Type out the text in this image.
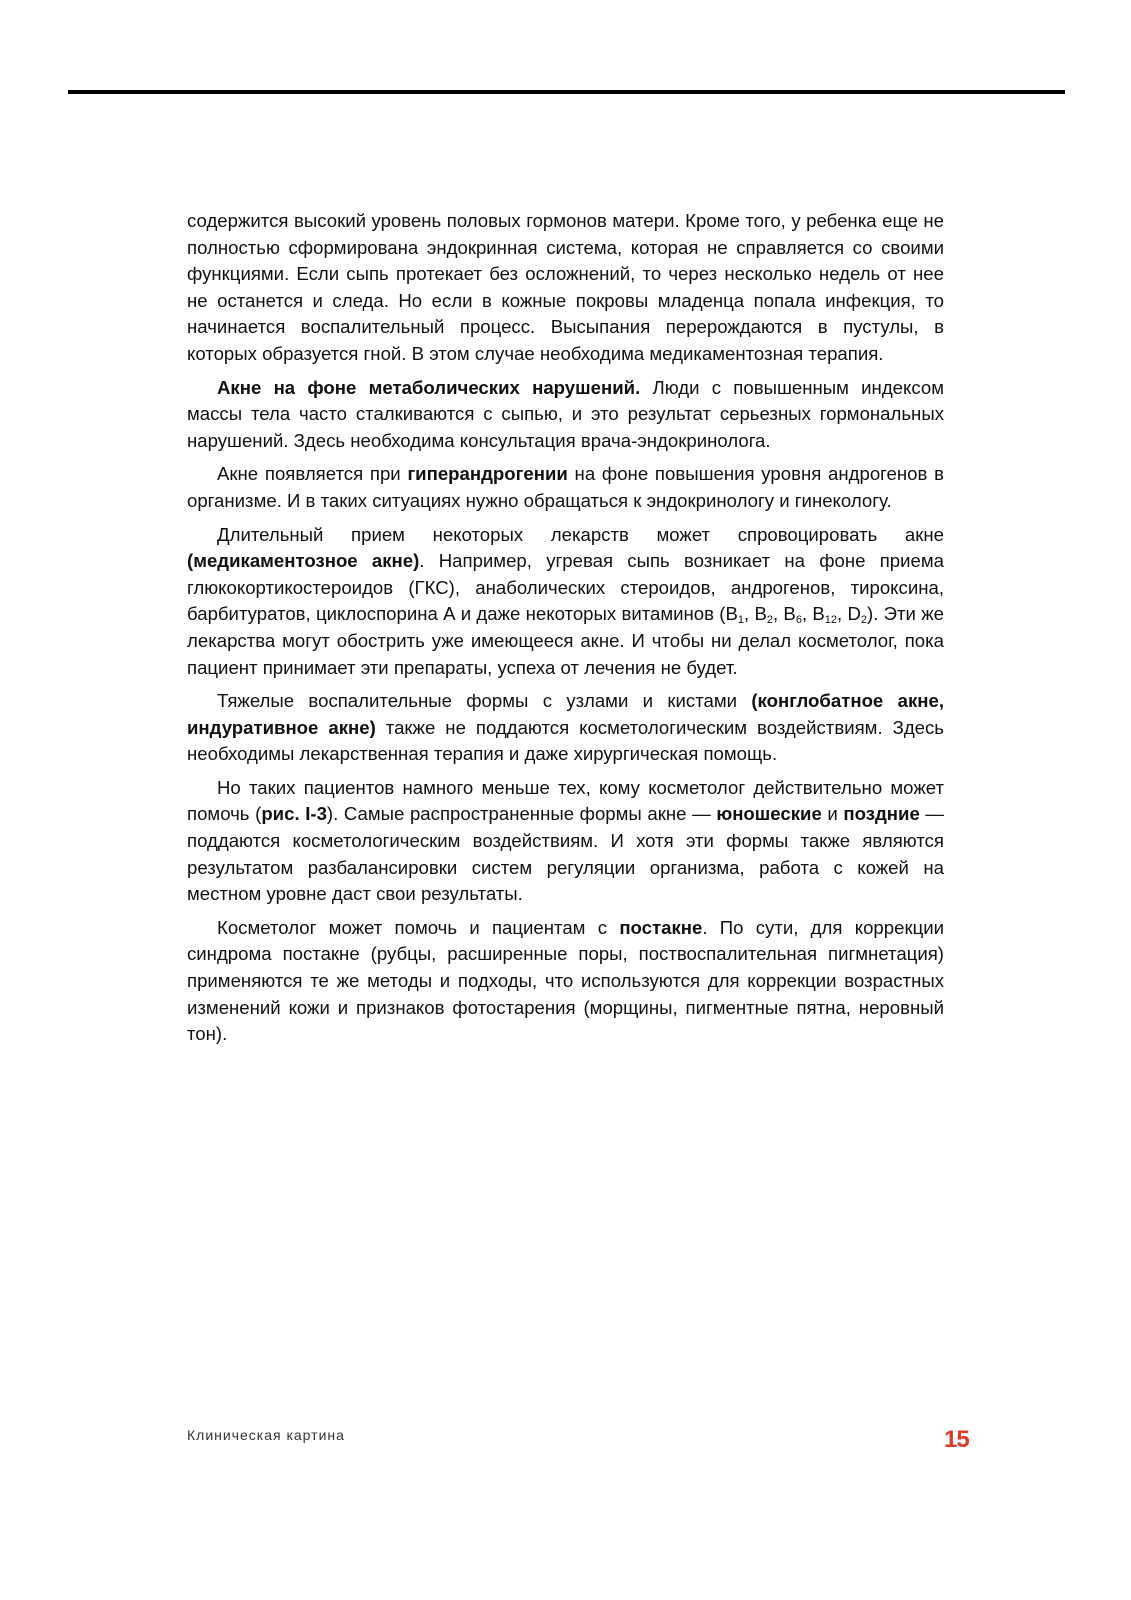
содержится высокий уровень половых гормонов матери. Кроме того, у ребенка еще не полностью сформирована эндокринная система, которая не справляется со своими функциями. Если сыпь протекает без осложнений, то через несколько недель от нее не останется и следа. Но если в кожные покровы младенца попала инфекция, то начинается воспалительный процесс. Высыпания перерождаются в пустулы, в которых образуется гной. В этом случае необходима медикаментозная терапия.

Акне на фоне метаболических нарушений. Люди с повышенным индексом массы тела часто сталкиваются с сыпью, и это результат серьезных гормональных нарушений. Здесь необходима консультация врача-эндокринолога.

Акне появляется при гиперандрогении на фоне повышения уровня андрогенов в организме. И в таких ситуациях нужно обращаться к эндокринологу и гинекологу.

Длительный прием некоторых лекарств может спровоцировать акне (медикаментозное акне). Например, угревая сыпь возникает на фоне приема глюкокортикостероидов (ГКС), анаболических стероидов, андрогенов, тироксина, барбитуратов, циклоспорина А и даже некоторых витаминов ($B_1$, $B_2$, $B_6$, $B_{12}$, $D_2$). Эти же лекарства могут обострить уже имеющееся акне. И чтобы ни делал косметолог, пока пациент принимает эти препараты, успеха от лечения не будет.

Тяжелые воспалительные формы с узлами и кистами (конглобатное акне, индуративное акне) также не поддаются косметологическим воздействиям. Здесь необходимы лекарственная терапия и даже хирургическая помощь.

Но таких пациентов намного меньше тех, кому косметолог действительно может помочь (рис. I-3). Самые распространенные формы акне — юношеские и поздние — поддаются косметологическим воздействиям. И хотя эти формы также являются результатом разбалансировки систем регуляции организма, работа с кожей на местном уровне даст свои результаты.

Косметолог может помочь и пациентам с постакне. По сути, для коррекции синдрома постакне (рубцы, расширенные поры, поствоспалительная пигмнетация) применяются те же методы и подходы, что используются для коррекции возрастных изменений кожи и признаков фотостарения (морщины, пигментные пятна, неровный тон).

Клиническая картина	15
